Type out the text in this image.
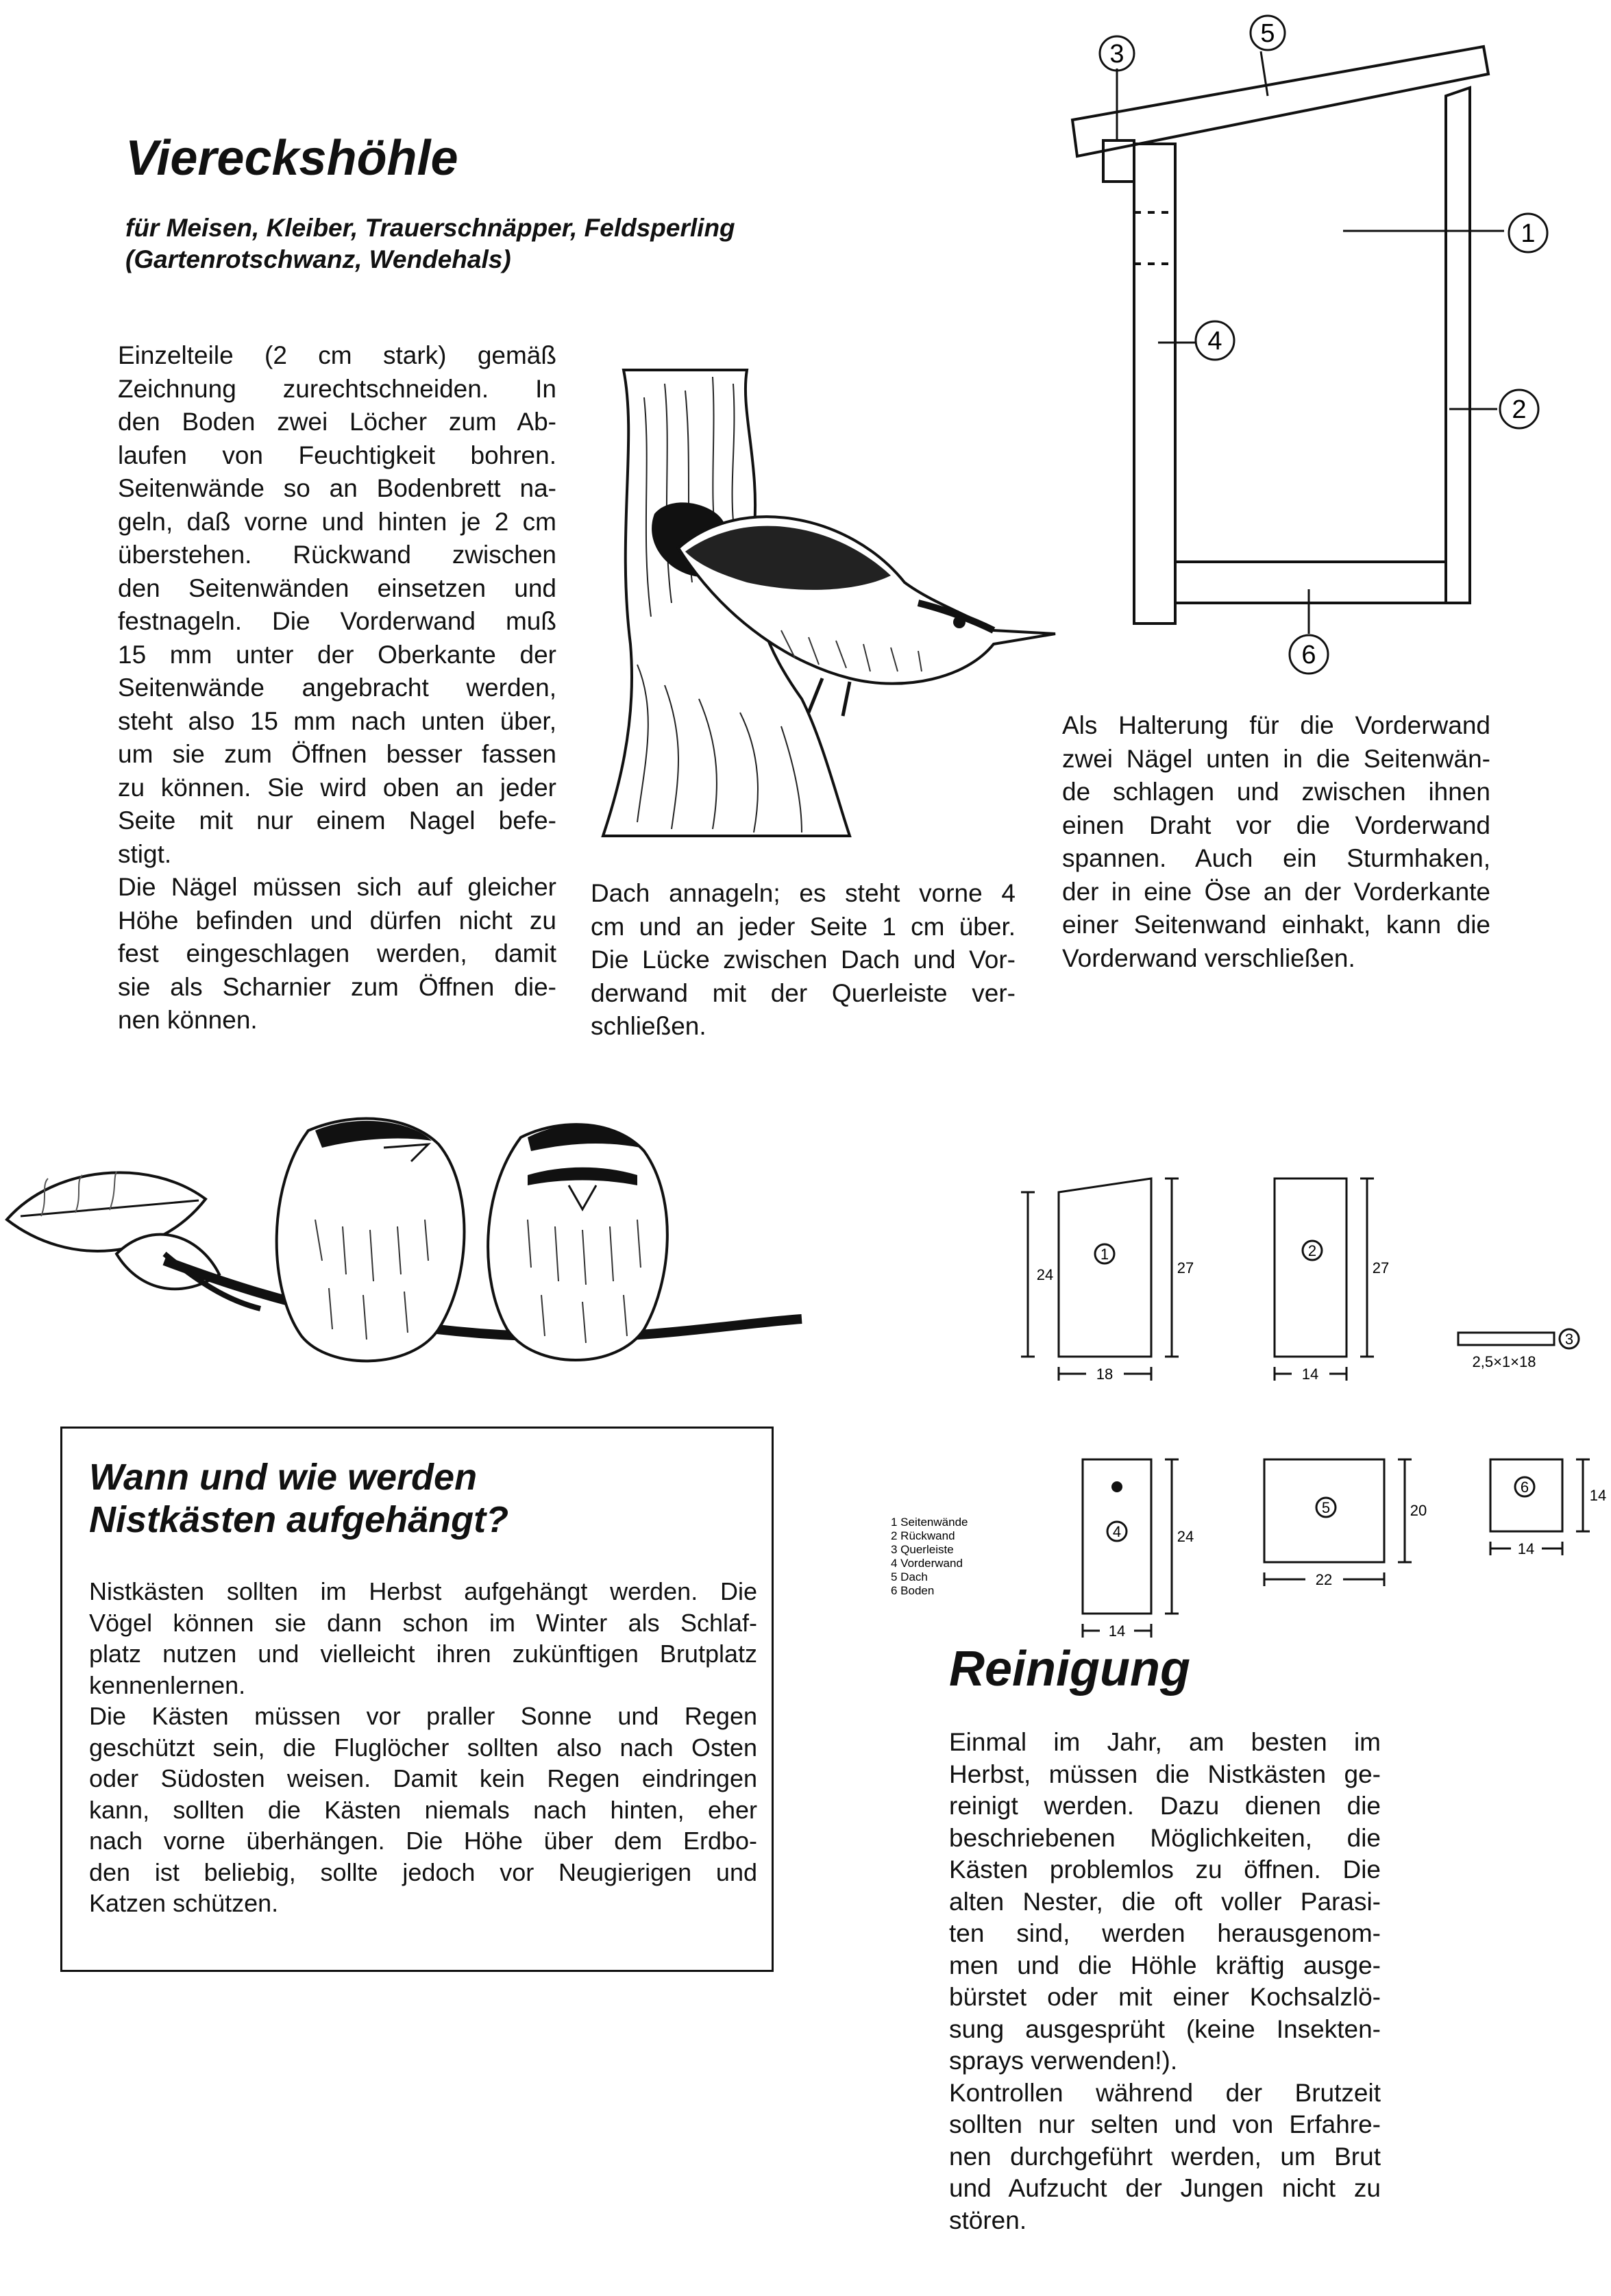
Viereckshöhle
für Meisen, Kleiber, Trauerschnäpper, Feldsperling
(Gartenrotschwanz, Wendehals)
Einzelteile (2 cm stark) gemäß
Zeichnung zurechtschneiden. In
den Boden zwei Löcher zum Ab-
laufen von Feuchtigkeit bohren.
Seitenwände so an Bodenbrett na-
geln, daß vorne und hinten je 2 cm
überstehen. Rückwand zwischen
den Seitenwänden einsetzen und
festnageln. Die Vorderwand muß
15 mm unter der Oberkante der
Seitenwände angebracht werden,
steht also 15 mm nach unten über,
um sie zum Öffnen besser fassen
zu können. Sie wird oben an jeder
Seite mit nur einem Nagel befe-
stigt.
Die Nägel müssen sich auf gleicher
Höhe befinden und dürfen nicht zu
fest eingeschlagen werden, damit
sie als Scharnier zum Öffnen die-
nen können.
Dach annageln; es steht vorne 4
cm und an jeder Seite 1 cm über.
Die Lücke zwischen Dach und Vor-
derwand mit der Querleiste ver-
schließen.
Als Halterung für die Vorderwand
zwei Nägel unten in die Seitenwän-
de schlagen und zwischen ihnen
einen Draht vor die Vorderwand
spannen. Auch ein Sturmhaken,
der in eine Öse an der Vorderkante
einer Seitenwand einhakt, kann die
Vorderwand verschließen.
3
5
1
4
2
6
Wann und wie werden
Nistkästen aufgehängt?
Nistkästen sollten im Herbst aufgehängt werden. Die
Vögel können sie dann schon im Winter als Schlaf-
platz nutzen und vielleicht ihren zukünftigen Brutplatz
kennenlernen.
Die Kästen müssen vor praller Sonne und Regen
geschützt sein, die Fluglöcher sollten also nach Osten
oder Südosten weisen. Damit kein Regen eindringen
kann, sollten die Kästen niemals nach hinten, eher
nach vorne überhängen. Die Höhe über dem Erdbo-
den ist beliebig, sollte jedoch vor Neugierigen und
Katzen schützen.
1
24	27
18
2
27
14
3
2,5×1×18
4	24
14
5	20
22
6	14
14
1 Seitenwände
2 Rückwand
3 Querleiste
4 Vorderwand
5 Dach
6 Boden
Reinigung
Einmal im Jahr, am besten im
Herbst, müssen die Nistkästen ge-
reinigt werden. Dazu dienen die
beschriebenen Möglichkeiten, die
Kästen problemlos zu öffnen. Die
alten Nester, die oft voller Parasi-
ten sind, werden herausgenom-
men und die Höhle kräftig ausge-
bürstet oder mit einer Kochsalzlö-
sung ausgesprüht (keine Insekten-
sprays verwenden!).
Kontrollen während der Brutzeit
sollten nur selten und von Erfahre-
nen durchgeführt werden, um Brut
und Aufzucht der Jungen nicht zu
stören.
